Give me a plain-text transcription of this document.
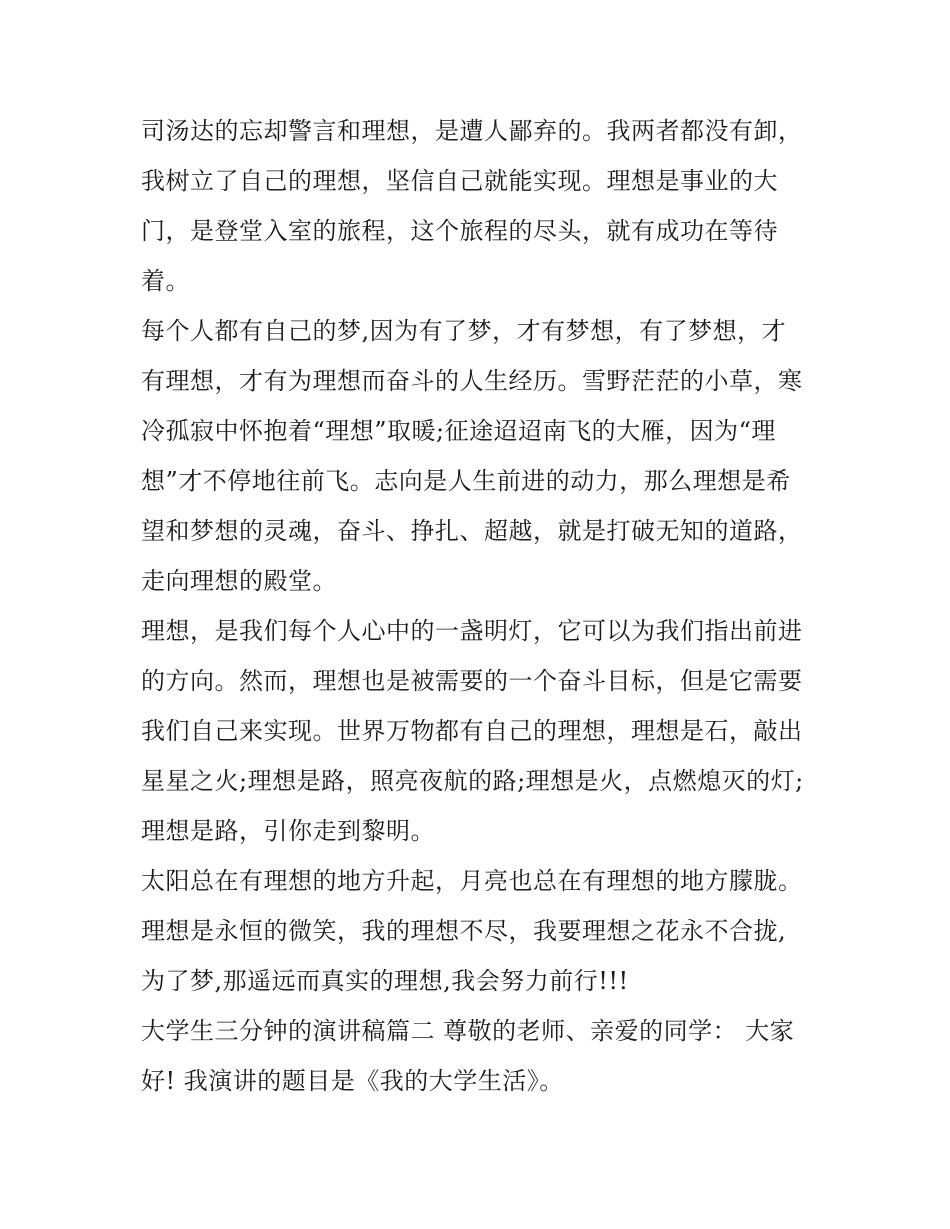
司汤达的忘却警言和理想，是遭人鄙弃的。我两者都没有卸，
我树立了自己的理想，坚信自己就能实现。理想是事业的大
门，是登堂入室的旅程，这个旅程的尽头，就有成功在等待
着。
每个人都有自己的梦,因为有了梦，才有梦想，有了梦想，才
有理想，才有为理想而奋斗的人生经历。雪野茫茫的小草，寒
冷孤寂中怀抱着“理想”取暖;征途迢迢南飞的大雁，因为“理
想”才不停地往前飞。志向是人生前进的动力，那么理想是希
望和梦想的灵魂，奋斗、挣扎、超越，就是打破无知的道路，
走向理想的殿堂。
理想，是我们每个人心中的一盏明灯，它可以为我们指出前进
的方向。然而，理想也是被需要的一个奋斗目标，但是它需要
我们自己来实现。世界万物都有自己的理想，理想是石，敲出
星星之火;理想是路，照亮夜航的路;理想是火，点燃熄灭的灯;
理想是路，引你走到黎明。
太阳总在有理想的地方升起，月亮也总在有理想的地方朦胧。
理想是永恒的微笑，我的理想不尽，我要理想之花永不合拢,
为了梦,那遥远而真实的理想,我会努力前行!!!
大学生三分钟的演讲稿篇二 尊敬的老师、亲爱的同学： 大家
好! 我演讲的题目是《我的大学生活》。
